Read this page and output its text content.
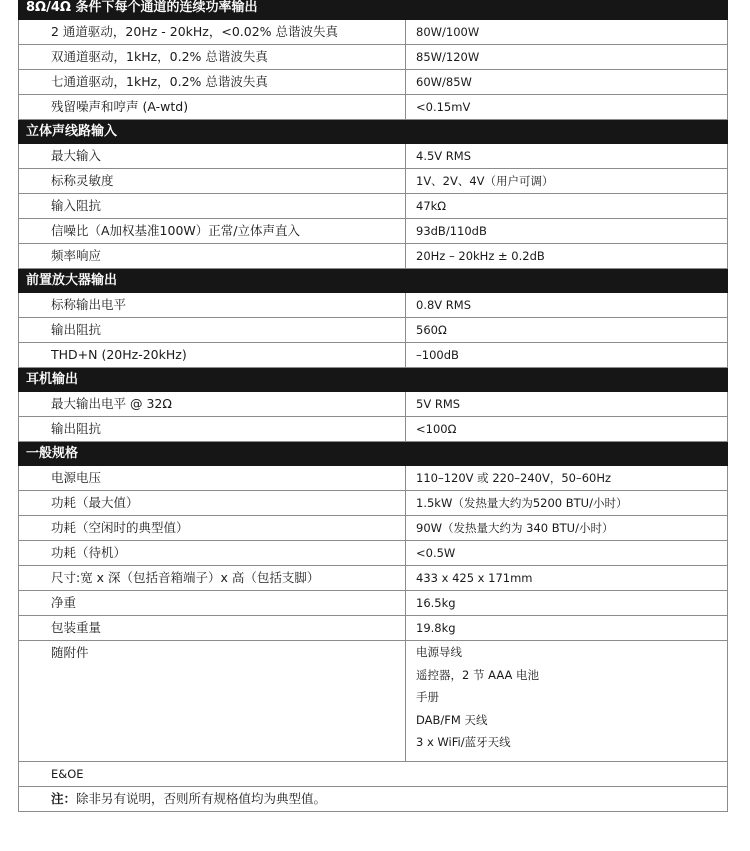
8Ω/4Ω 条件下每个通道的连续功率输出
2 通道驱动，20Hz - 20kHz，<0.02% 总谐波失真	80W/100W
双通道驱动，1kHz，0.2% 总谐波失真	85W/120W
七通道驱动，1kHz，0.2% 总谐波失真	60W/85W
残留噪声和哼声 (A-wtd)	<0.15mV
立体声线路输入
最大输入	4.5V RMS
标称灵敏度	1V、2V、4V（用户可调）
输入阻抗	47kΩ
信噪比（A加权基准100W）正常/立体声直入	93dB/110dB
频率响应	20Hz – 20kHz ± 0.2dB
前置放大器输出
标称输出电平	0.8V RMS
输出阻抗	560Ω
THD+N (20Hz-20kHz)	–100dB
耳机输出
最大输出电平 @ 32Ω	5V RMS
输出阻抗	<100Ω
一般规格
电源电压	110–120V 或 220–240V，50–60Hz
功耗（最大值）	1.5kW（发热量大约为5200 BTU/小时）
功耗（空闲时的典型值）	90W（发热量大约为 340 BTU/小时）
功耗（待机）	<0.5W
尺寸:宽 x 深（包括音箱端子）x 高（包括支脚）	433 x 425 x 171mm
净重	16.5kg
包装重量	19.8kg
随附件	电源导线
遥控器，2 节 AAA 电池
手册
DAB/FM 天线
3 x WiFi/蓝牙天线
E&OE
注：除非另有说明，否则所有规格值均为典型值。
